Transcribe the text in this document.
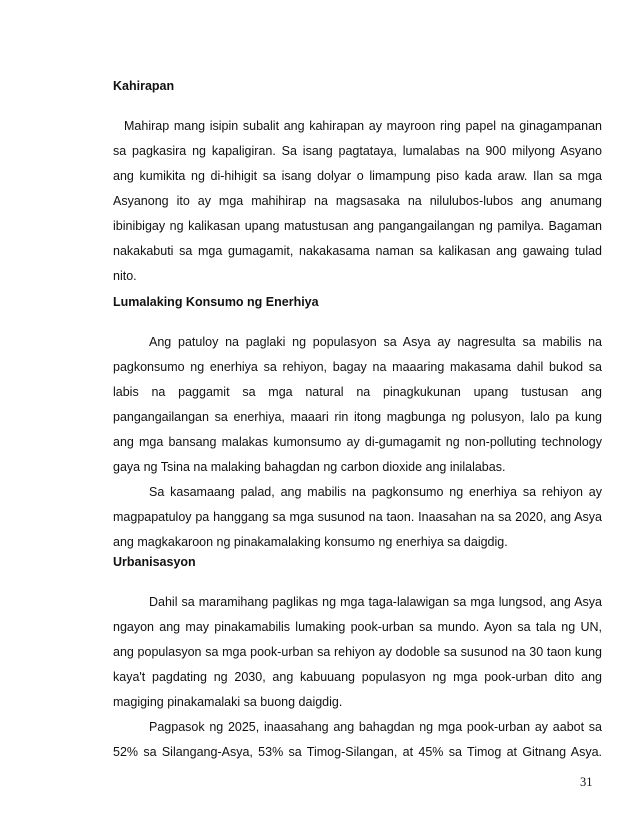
Kahirapan
Mahirap mang isipin subalit ang kahirapan ay mayroon ring papel na ginagampanan
sa pagkasira ng kapaligiran. Sa isang pagtataya, lumalabas na 900 milyong Asyano
ang kumikita ng di-hihigit sa isang dolyar o limampung piso kada araw. Ilan sa mga
Asyanong ito ay mga mahihirap na magsasaka na nilulubos-lubos ang anumang
ibinibigay ng kalikasan upang matustusan ang pangangailangan ng pamilya. Bagaman
nakakabuti sa mga gumagamit, nakakasama naman sa kalikasan ang gawaing tulad
nito.
Lumalaking Konsumo ng Enerhiya
Ang patuloy na paglaki ng populasyon sa Asya ay nagresulta sa mabilis na
pagkonsumo ng enerhiya sa rehiyon, bagay na maaaring makasama dahil bukod sa
labis na paggamit sa mga natural na pinagkukunan upang tustusan ang
pangangailangan sa enerhiya, maaari rin itong magbunga ng polusyon, lalo pa kung
ang mga bansang malakas kumonsumo ay di-gumagamit ng non-polluting technology
gaya ng Tsina na malaking bahagdan ng carbon dioxide ang inilalabas.
Sa kasamaang palad, ang mabilis na pagkonsumo ng enerhiya sa rehiyon ay
magpapatuloy pa hanggang sa mga susunod na taon. Inaasahan na sa 2020, ang Asya
ang magkakaroon ng pinakamalaking konsumo ng enerhiya sa daigdig.
Urbanisasyon
Dahil sa maramihang paglikas ng mga taga-lalawigan sa mga lungsod, ang Asya
ngayon ang may pinakamabilis lumaking pook-urban sa mundo. Ayon sa tala ng UN,
ang populasyon sa mga pook-urban sa rehiyon ay dodoble sa susunod na 30 taon kung
kaya't pagdating ng 2030, ang kabuuang populasyon ng mga pook-urban dito ang
magiging pinakamalaki sa buong daigdig.
Pagpasok ng 2025, inaasahang ang bahagdan ng mga pook-urban ay aabot sa
52% sa Silangang-Asya, 53% sa Timog-Silangan, at 45% sa Timog at Gitnang Asya.
31
